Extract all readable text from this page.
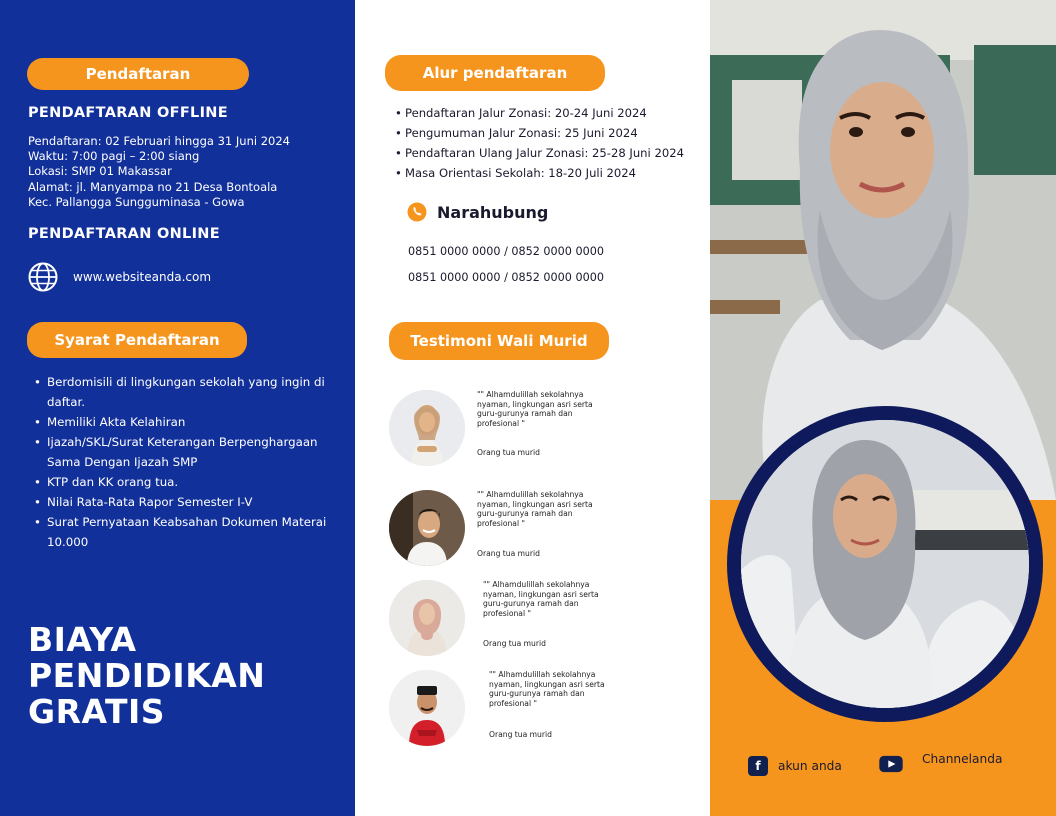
Pendaftaran
PENDAFTARAN OFFLINE
Pendaftaran: 02 Februari hingga 31 Juni 2024
Waktu: 7:00 pagi – 2:00 siang
Lokasi: SMP 01 Makassar
Alamat: jl. Manyampa no 21 Desa Bontoala
Kec. Pallangga Sungguminasa - Gowa
PENDAFTARAN ONLINE
www.websiteanda.com
Syarat Pendaftaran
• Berdomisili di lingkungan sekolah yang ingin di daftar.
• Memiliki Akta Kelahiran
• Ijazah/SKL/Surat Keterangan Berpenghargaan Sama Dengan Ijazah SMP
• KTP dan KK orang tua.
• Nilai Rata-Rata Rapor Semester I-V
• Surat Pernyataan Keabsahan Dokumen Materai 10.000
BIAYA
PENDIDIKAN
GRATIS
Alur pendaftaran
• Pendaftaran Jalur Zonasi: 20-24 Juni 2024
• Pengumuman Jalur Zonasi: 25 Juni 2024
• Pendaftaran Ulang Jalur Zonasi: 25-28 Juni 2024
• Masa Orientasi Sekolah: 18-20 Juli 2024
Narahubung
0851 0000 0000 / 0852 0000 0000
0851 0000 0000 / 0852 0000 0000
Testimoni Wali Murid
"" Alhamdulillah sekolahnya nyaman, lingkungan asri serta guru-gurunya ramah dan profesional "
Orang tua murid
"" Alhamdulillah sekolahnya nyaman, lingkungan asri serta guru-gurunya ramah dan profesional "
Orang tua murid
"" Alhamdulillah sekolahnya nyaman, lingkungan asri serta guru-gurunya ramah dan profesional "
Orang tua murid
"" Alhamdulillah sekolahnya nyaman, lingkungan asri serta guru-gurunya ramah dan profesional "
Orang tua murid
f	akun anda	Channelanda
